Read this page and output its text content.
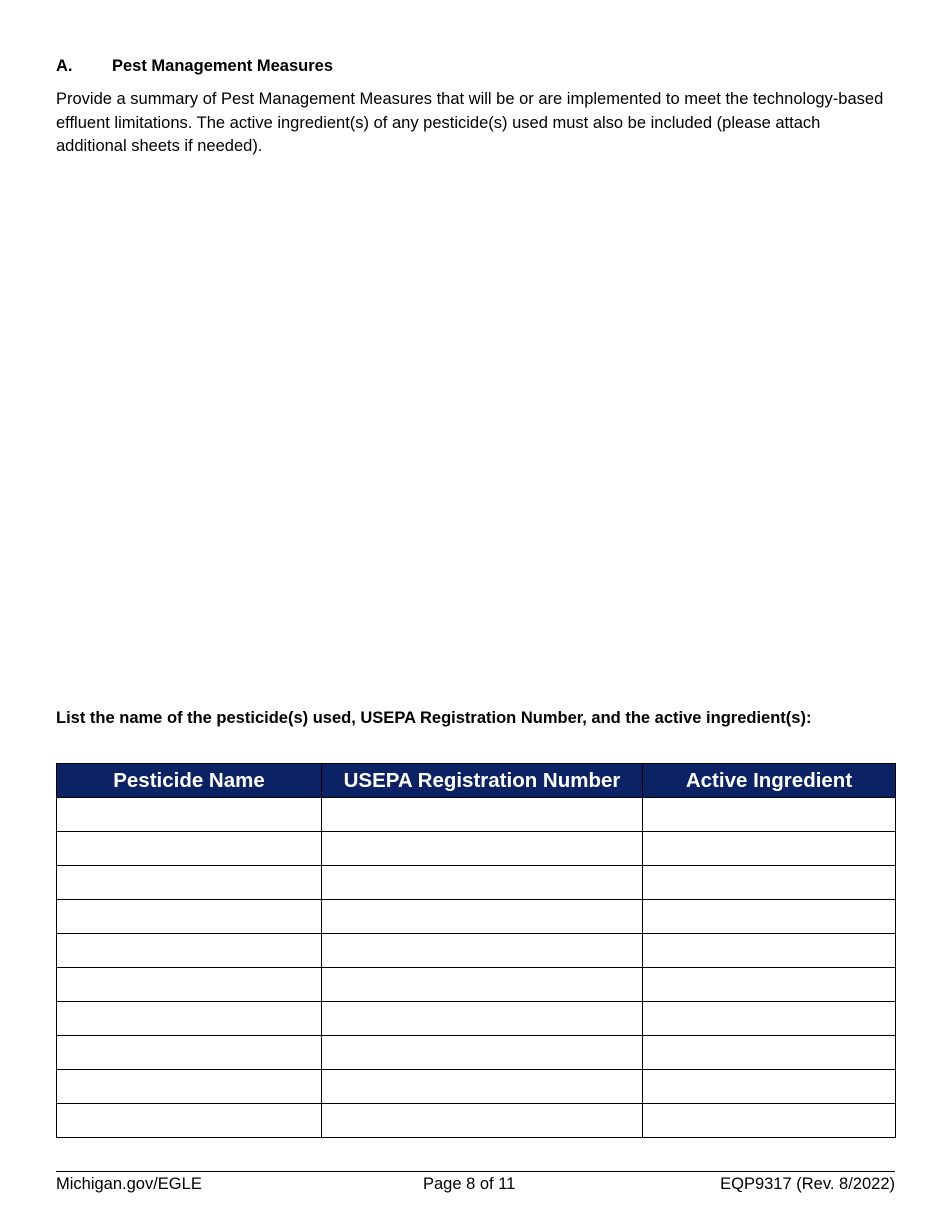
A.	Pest Management Measures
Provide a summary of Pest Management Measures that will be or are implemented to meet the technology-based effluent limitations. The active ingredient(s) of any pesticide(s) used must also be included (please attach additional sheets if needed).
List the name of the pesticide(s) used, USEPA Registration Number, and the active ingredient(s):
Pesticide Name	USEPA Registration Number	Active Ingredient

Michigan.gov/EGLE	Page 8 of 11	EQP9317 (Rev. 8/2022)
